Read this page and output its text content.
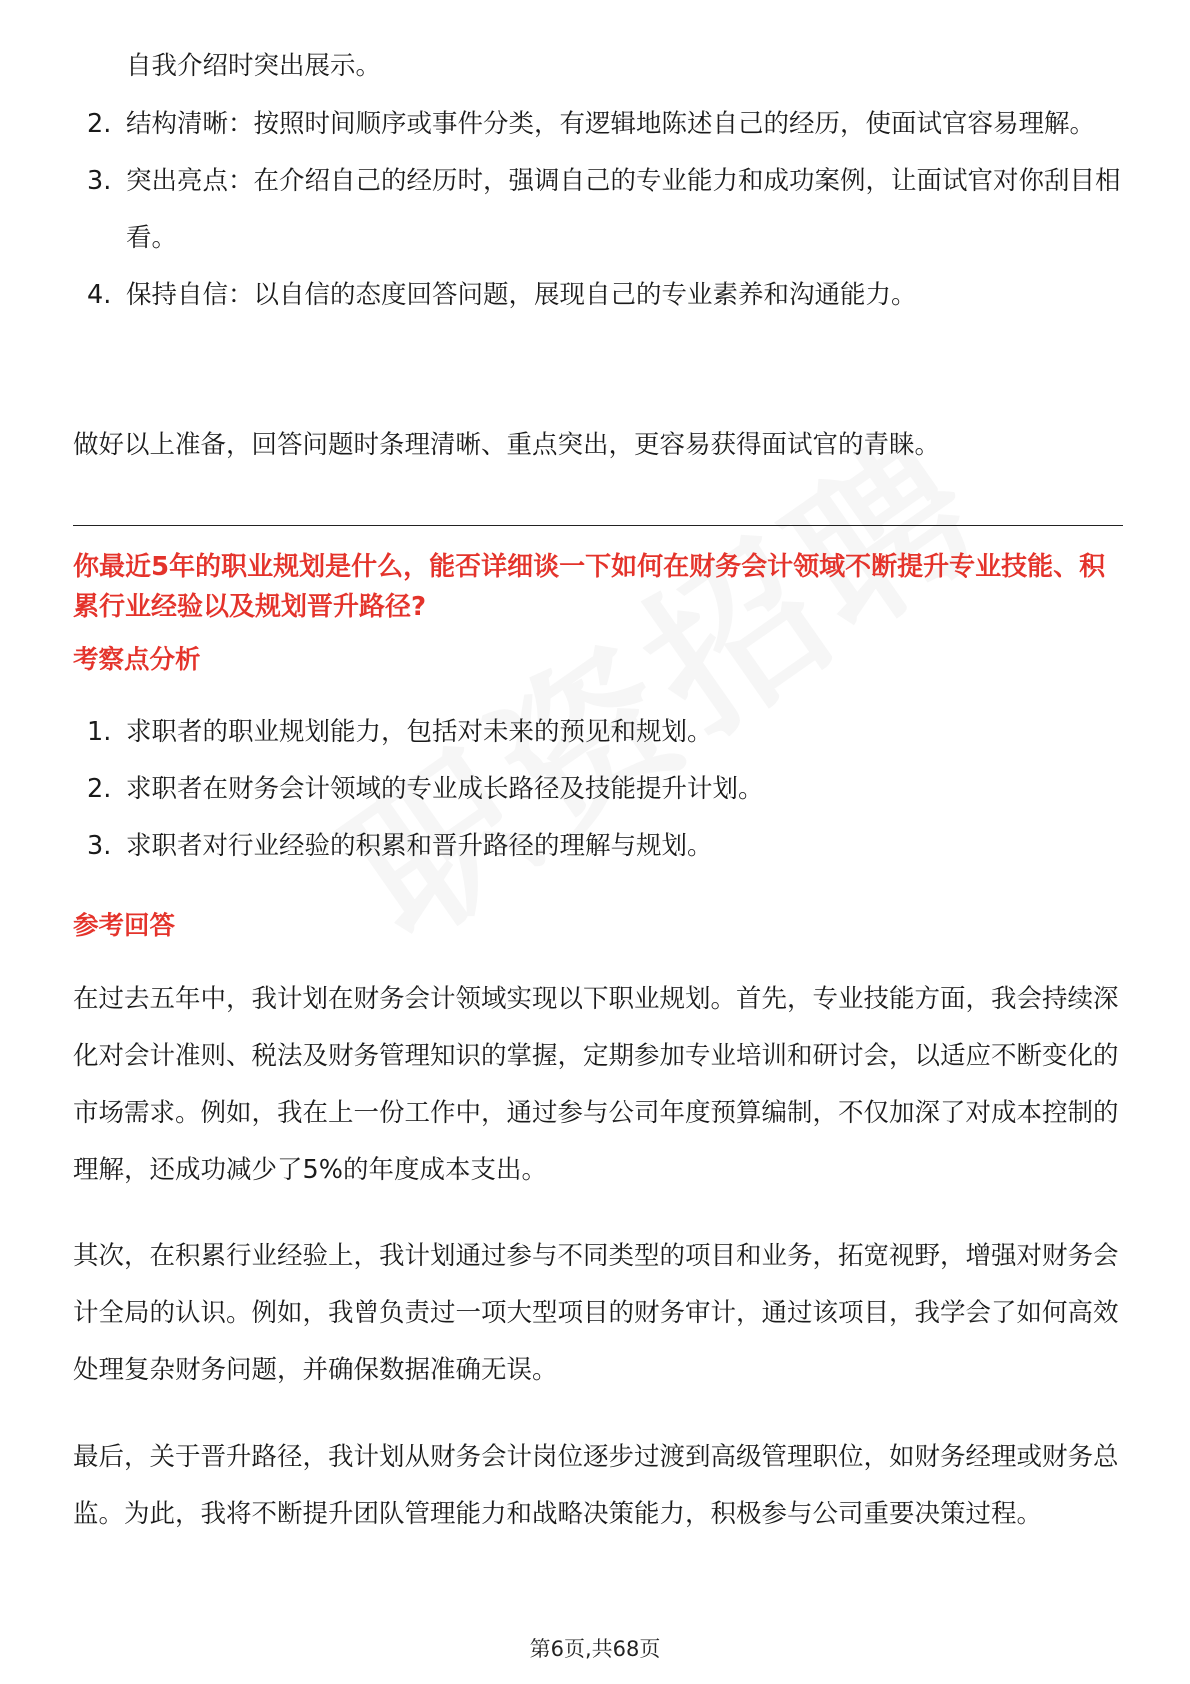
自我介绍时突出展示。

2. 结构清晰：按照时间顺序或事件分类，有逻辑地陈述自己的经历，使面试官容易理解。
3. 突出亮点：在介绍自己的经历时，强调自己的专业能力和成功案例，让面试官对你刮目相看。
4. 保持自信：以自信的态度回答问题，展现自己的专业素养和沟通能力。

做好以上准备，回答问题时条理清晰、重点突出，更容易获得面试官的青睐。

你最近5年的职业规划是什么，能否详细谈一下如何在财务会计领域不断提升专业技能、积累行业经验以及规划晋升路径?

考察点分析

1. 求职者的职业规划能力，包括对未来的预见和规划。
2. 求职者在财务会计领域的专业成长路径及技能提升计划。
3. 求职者对行业经验的积累和晋升路径的理解与规划。

参考回答

在过去五年中，我计划在财务会计领域实现以下职业规划。首先，专业技能方面，我会持续深化对会计准则、税法及财务管理知识的掌握，定期参加专业培训和研讨会，以适应不断变化的市场需求。例如，我在上一份工作中，通过参与公司年度预算编制，不仅加深了对成本控制的理解，还成功减少了5%的年度成本支出。

其次，在积累行业经验上，我计划通过参与不同类型的项目和业务，拓宽视野，增强对财务会计全局的认识。例如，我曾负责过一项大型项目的财务审计，通过该项目，我学会了如何高效处理复杂财务问题，并确保数据准确无误。

最后，关于晋升路径，我计划从财务会计岗位逐步过渡到高级管理职位，如财务经理或财务总监。为此，我将不断提升团队管理能力和战略决策能力，积极参与公司重要决策过程。

第6页,共68页
